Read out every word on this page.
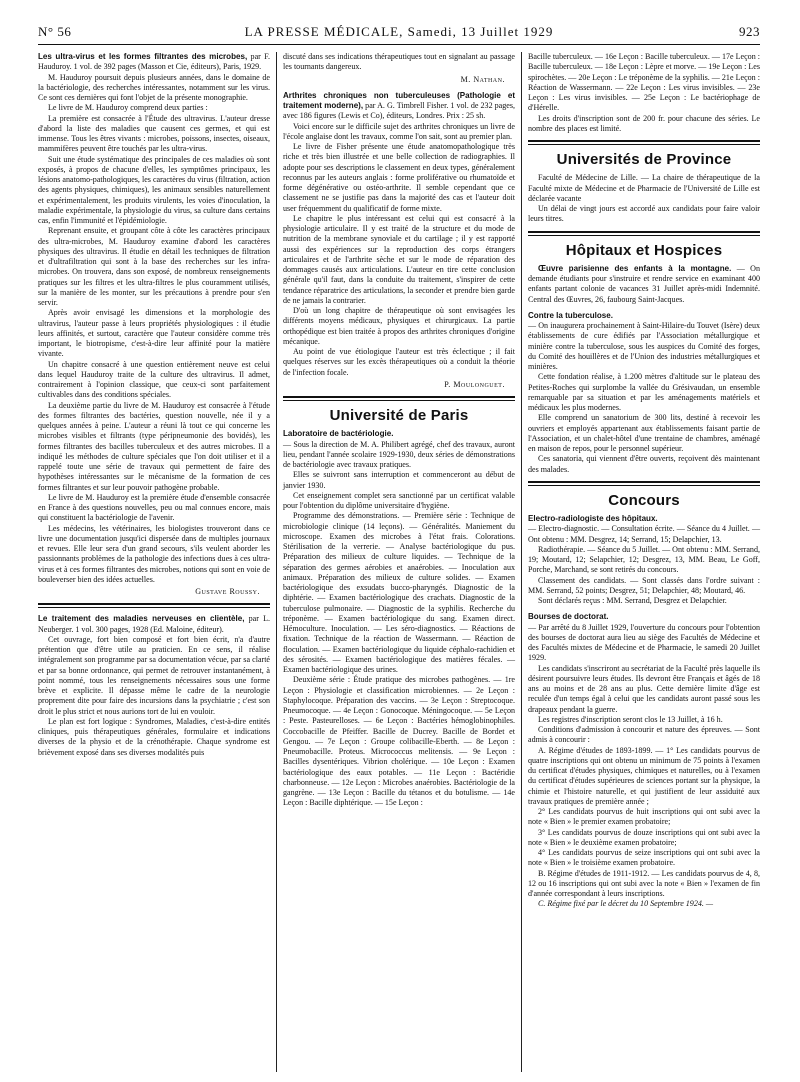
N° 56	LA PRESSE MÉDICALE, Samedi, 13 Juillet 1929	923

Les ultra-virus et les formes filtrantes des microbes, par F. Hauduroy. 1 vol. de 392 pages (Masson et Cie, éditeurs), Paris, 1929.

M. Hauduroy poursuit depuis plusieurs années, dans le domaine de la bactériologie, des recherches intéressantes, notamment sur les virus. Ce sont ces dernières qui font l'objet de la présente monographie.

Le livre de M. Hauduroy comprend deux parties :

La première est consacrée à l'Étude des ultravirus. L'auteur dresse d'abord la liste des maladies que causent ces germes, et qui est immense. Tous les êtres vivants : microbes, poissons, insectes, oiseaux, mammifères peuvent être touchés par les ultra-virus.

Suit une étude systématique des principales de ces maladies où sont exposés, à propos de chacune d'elles, les symptômes principaux, les lésions anatomo-pathologiques, les caractères du virus (filtration, action des agents physiques, chimiques), les animaux sensibles naturellement et expérimentalement, les produits virulents, les voies d'inoculation, la maladie expérimentale, la physiologie du virus, sa culture dans certains cas, enfin l'immunité et l'épidémiologie.

Reprenant ensuite, et groupant côte à côte les caractères principaux des ultra-microbes, M. Hauduroy examine d'abord les caractères physiques des ultravirus. Il étudie en détail les techniques de filtration et d'ultrafiltration qui sont à la base des recherches sur les infra-microbes. On trouvera, dans son exposé, de nombreux renseignements pratiques sur les filtres et les ultra-filtres le plus couramment utilisés, sur la manière de les monter, sur les précautions à prendre pour s'en servir.

Après avoir envisagé les dimensions et la morphologie des ultravirus, l'auteur passe à leurs propriétés physiologiques : il étudie leurs affinités, et surtout, caractère que l'auteur considère comme très important, le biotropisme, c'est-à-dire leur affinité pour la matière vivante.

Un chapitre consacré à une question entièrement neuve est celui dans lequel Hauduroy traite de la culture des ultravirus. Il admet, contrairement à l'opinion classique, que ceux-ci sont parfaitement cultivables dans des conditions spéciales.

La deuxième partie du livre de M. Hauduroy est consacrée à l'étude des formes filtrantes des bactéries, question nouvelle, née il y a quelques années à peine. L'auteur a réuni là tout ce qui concerne les microbes visibles et filtrants (type péripneumonie des bovidés), les formes filtrantes des bacilles tuberculeux et des autres microbes. Il a indiqué les méthodes de culture spéciales que l'on doit utiliser et il a rappelé toute une série de travaux qui permettent de faire des hypothèses intéressantes sur le mécanisme de la formation de ces formes filtrantes et sur leur pouvoir pathogène probable.

Le livre de M. Hauduroy est la première étude d'ensemble consacrée en France à des questions nouvelles, peu ou mal connues encore, mais qui constituent la bactériologie de l'avenir.

Les médecins, les vétérinaires, les biologistes trouveront dans ce livre une documentation jusqu'ici dispersée dans de multiples journaux et revues. Elle leur sera d'un grand secours, s'ils veulent aborder les passionnants problèmes de la pathologie des infections dues à ces ultra-virus et à ces formes filtrantes des microbes, notions qui sont en voie de bouleverser bien des idées actuelles.

Gustave Roussy.

Le traitement des maladies nerveuses en clientèle, par L. Neuberger. 1 vol. 300 pages, 1928 (Ed. Maloine, éditeur).

Cet ouvrage, fort bien composé et fort bien écrit, n'a d'autre prétention que d'être utile au praticien. En ce sens, il réalise intégralement son programme par sa documentation vécue, par sa clarté et par sa bonne ordonnance, qui permet de retrouver instantanément, à point nommé, tous les renseignements nécessaires sous une forme brève et explicite. Il dépasse même le cadre de la neurologie proprement dite pour faire des incursions dans la psychiatrie ; c'est son droit le plus strict et nous aurions tort de lui en vouloir.

Le plan est fort logique : Syndromes, Maladies, c'est-à-dire entités cliniques, puis thérapeutiques générales, formulaire et indications diverses de la physio et de la crénothérapie. Chaque syndrome est brièvement exposé dans ses diverses modalités puis

discuté dans ses indications thérapeutiques tout en signalant au passage les tournants dangereux.

M. Nathan.

Arthrites chroniques non tuberculeuses (Pathologie et traitement moderne), par A. G. Timbrell Fisher. 1 vol. de 232 pages, avec 186 figures (Lewis et Co), éditeurs, Londres. Prix : 25 sh.

Voici encore sur le difficile sujet des arthrites chroniques un livre de l'école anglaise dont les travaux, comme l'on sait, sont au premier plan.

Le livre de Fisher présente une étude anatomopathologique très riche et très bien illustrée et une belle collection de radiographies. Il adopte pour ses descriptions le classement en deux types, généralement reconnus par les auteurs anglais : forme proliférative ou rhumatoïde et forme dégénérative ou ostéo-arthrite. Il semble cependant que ce classement ne se justifie pas dans la majorité des cas et l'auteur doit user fréquemment du qualificatif de forme mixte.

Le chapitre le plus intéressant est celui qui est consacré à la physiologie articulaire. Il y est traité de la structure et du mode de nutrition de la membrane synoviale et du cartilage ; il y est rapporté aussi des expériences sur la reproduction des corps étrangers articulaires et de l'arthrite sèche et sur le mode de réparation des dommages causés aux articulations. L'auteur en tire cette conclusion générale qu'il faut, dans la conduite du traitement, s'inspirer de cette tendance réparatrice des articulations, la seconder et prendre bien garde de ne jamais la contrarier.

D'où un long chapitre de thérapeutique où sont envisagées les différents moyens médicaux, physiques et chirurgicaux. La partie orthopédique est bien traitée à propos des arthrites chroniques d'origine mécanique.

Au point de vue étiologique l'auteur est très éclectique ; il fait quelques réserves sur les excès thérapeutiques où a conduit la théorie de l'infection focale.

P. Moulonguet.
Université de Paris

Laboratoire de bactériologie.

— Sous la direction de M. A. Philibert agrégé, chef des travaux, auront lieu, pendant l'année scolaire 1929-1930, deux séries de démonstrations de bactériologie avec travaux pratiques.

Elles se suivront sans interruption et commenceront au début de janvier 1930.

Cet enseignement complet sera sanctionné par un certificat valable pour l'obtention du diplôme universitaire d'hygiène.

Programme des démonstrations. — Première série : Technique de microbiologie clinique (14 leçons). — Généralités. Maniement du microscope. Examen des microbes à l'état frais. Colorations. Stérilisation de la verrerie. — Analyse bactériologique du pus. Préparation des milieux de culture liquides. — Technique de la séparation des germes aérobies et anaérobies. — Inoculation aux animaux. Préparation des milieux de culture solides. — Examen bactériologique des exsudats bucco-pharyngés. Diagnostic de la diphtérie. — Examen bactériologique des crachats. Diagnostic de la tuberculose pulmonaire. — Diagnostic de la syphilis. Recherche du tréponème. — Examen bactériologique du sang. Examen direct. Hémoculture. Inoculation. — Les séro-diagnostics. — Réactions de fixation. Technique de la réaction de Wassermann. — Réaction de floculation. — Examen bactériologique du liquide céphalo-rachidien et des sérosités. — Examen bactériologique des matières fécales. — Examen bactériologique des urines.

Deuxième série : Étude pratique des microbes pathogènes. — 1re Leçon : Physiologie et classification microbiennes. — 2e Leçon : Staphylocoque. Préparation des vaccins. — 3e Leçon : Streptocoque. Pneumocoque. — 4e Leçon : Gonocoque. Méningocoque. — 5e Leçon : Peste. Pasteurelloses. — 6e Leçon : Bactéries hémoglobinophiles. Coccobacille de Pfeiffer. Bacille de Ducrey. Bacille de Bordet et Gengou. — 7e Leçon : Groupe colibacille-Eberth. — 8e Leçon : Pneumobacille. Proteus. Micrococcus melitensis. — 9e Leçon : Bacilles dysentériques. Vibrion cholérique. — 10e Leçon : Examen bactériologique des eaux potables. — 11e Leçon : Bactéridie charbonneuse. — 12e Leçon : Microbes anaérobies. Bactériologie de la gangrène. — 13e Leçon : Bacille du tétanos et du botulisme. — 14e Leçon : Bacille diphtérique. — 15e Leçon :

Bacille tuberculeux. — 16e Leçon : Bacille tuberculeux. — 17e Leçon : Bacille tuberculeux. — 18e Leçon : Lèpre et morve. — 19e Leçon : Les spirochètes. — 20e Leçon : Le tréponème de la syphilis. — 21e Leçon : Réaction de Wassermann. — 22e Leçon : Les virus invisibles. — 23e Leçon : Les virus invisibles. — 25e Leçon : Le bactériophage de d'Hérelle.

Les droits d'inscription sont de 200 fr. pour chacune des séries. Le nombre des places est limité.

Universités de Province

Faculté de Médecine de Lille. — La chaire de thérapeutique de la Faculté mixte de Médecine et de Pharmacie de l'Université de Lille est déclarée vacante

Un délai de vingt jours est accordé aux candidats pour faire valoir leurs titres.

Hôpitaux et Hospices

Œuvre parisienne des enfants à la montagne. — On demande étudiants pour s'instruire et rendre service en examinant 400 enfants partant colonie de vacances 31 Juillet après-midi Indemnité. Central des Œuvres, 26, faubourg Saint-Jacques.

Contre la tuberculose.

— On inaugurera prochainement à Saint-Hilaire-du Touvet (Isère) deux établissements de cure édifiés par l'Association métallurgique et minière contre la tuberculose, sous les auspices du Comité des forges, du Comité des houillères et de l'Union des industries métallurgiques et minières.

Cette fondation réalise, à 1.200 mètres d'altitude sur le plateau des Petites-Roches qui surplombe la vallée du Grésivaudan, un ensemble remarquable par sa situation et par les aménagements matériels et médicaux les plus modernes.

Elle comprend un sanatorium de 300 lits, destiné à recevoir les ouvriers et employés appartenant aux établissements faisant partie de l'Association, et un chalet-hôtel d'une trentaine de chambres, aménagé en maison de repos, pour le personnel supérieur.

Ces sanatoria, qui viennent d'être ouverts, reçoivent dès maintenant des malades.

Concours

Electro-radiologiste des hôpitaux.

— Electro-diagnostic. — Consultation écrite. — Séance du 4 Juillet. — Ont obtenu : MM. Desgrez, 14; Serrand, 15; Delapchier, 13.

Radiothérapie. — Séance du 5 Juillet. — Ont obtenu : MM. Serrand, 19; Moutard, 12; Selapchier, 12; Desgrez, 13, MM. Beau, Le Goff, Porche, Marchand, se sont retirés du concours.

Classement des candidats. — Sont classés dans l'ordre suivant : MM. Serrand, 52 points; Desgrez, 51; Delapchier, 48; Moutard, 46.

Sont déclarés reçus : MM. Serrand, Desgrez et Delapchier.

Bourses de doctorat.

— Par arrêté du 8 Juillet 1929, l'ouverture du concours pour l'obtention des bourses de doctorat aura lieu au siège des Facultés de Médecine et des Facultés mixtes de Médecine et de Pharmacie, le samedi 20 Juillet 1929.

Les candidats s'inscriront au secrétariat de la Faculté près laquelle ils désirent poursuivre leurs études. Ils devront être Français et âgés de 18 ans au moins et de 28 ans au plus. Cette dernière limite d'âge est reculée d'un temps égal à celui que les candidats auront passé sous les drapeaux pendant la guerre.

Les registres d'inscription seront clos le 13 Juillet, à 16 h.

Conditions d'admission à concourir et nature des épreuves. — Sont admis à concourir :

A. Régime d'études de 1893-1899. — 1° Les candidats pourvus de quatre inscriptions qui ont obtenu un minimum de 75 points à l'examen du certificat d'études physiques, chimiques et naturelles, ou à l'examen du certificat d'études supérieures de sciences portant sur la physique, la chimie et l'histoire naturelle, et qui justifient de leur assiduité aux travaux pratiques de première année ;

2° Les candidats pourvus de huit inscriptions qui ont subi avec la note « Bien » le premier examen probatoire;

3° Les candidats pourvus de douze inscriptions qui ont subi avec la note « Bien » le deuxième examen probatoire;

4° Les candidats pourvus de seize inscriptions qui ont subi avec la note « Bien » le troisième examen probatoire.

B. Régime d'études de 1911-1912. — Les candidats pourvus de 4, 8, 12 ou 16 inscriptions qui ont subi avec la note « Bien » l'examen de fin d'année correspondant à leurs inscriptions.

C. Régime fixé par le décret du 10 Septembre 1924. —
